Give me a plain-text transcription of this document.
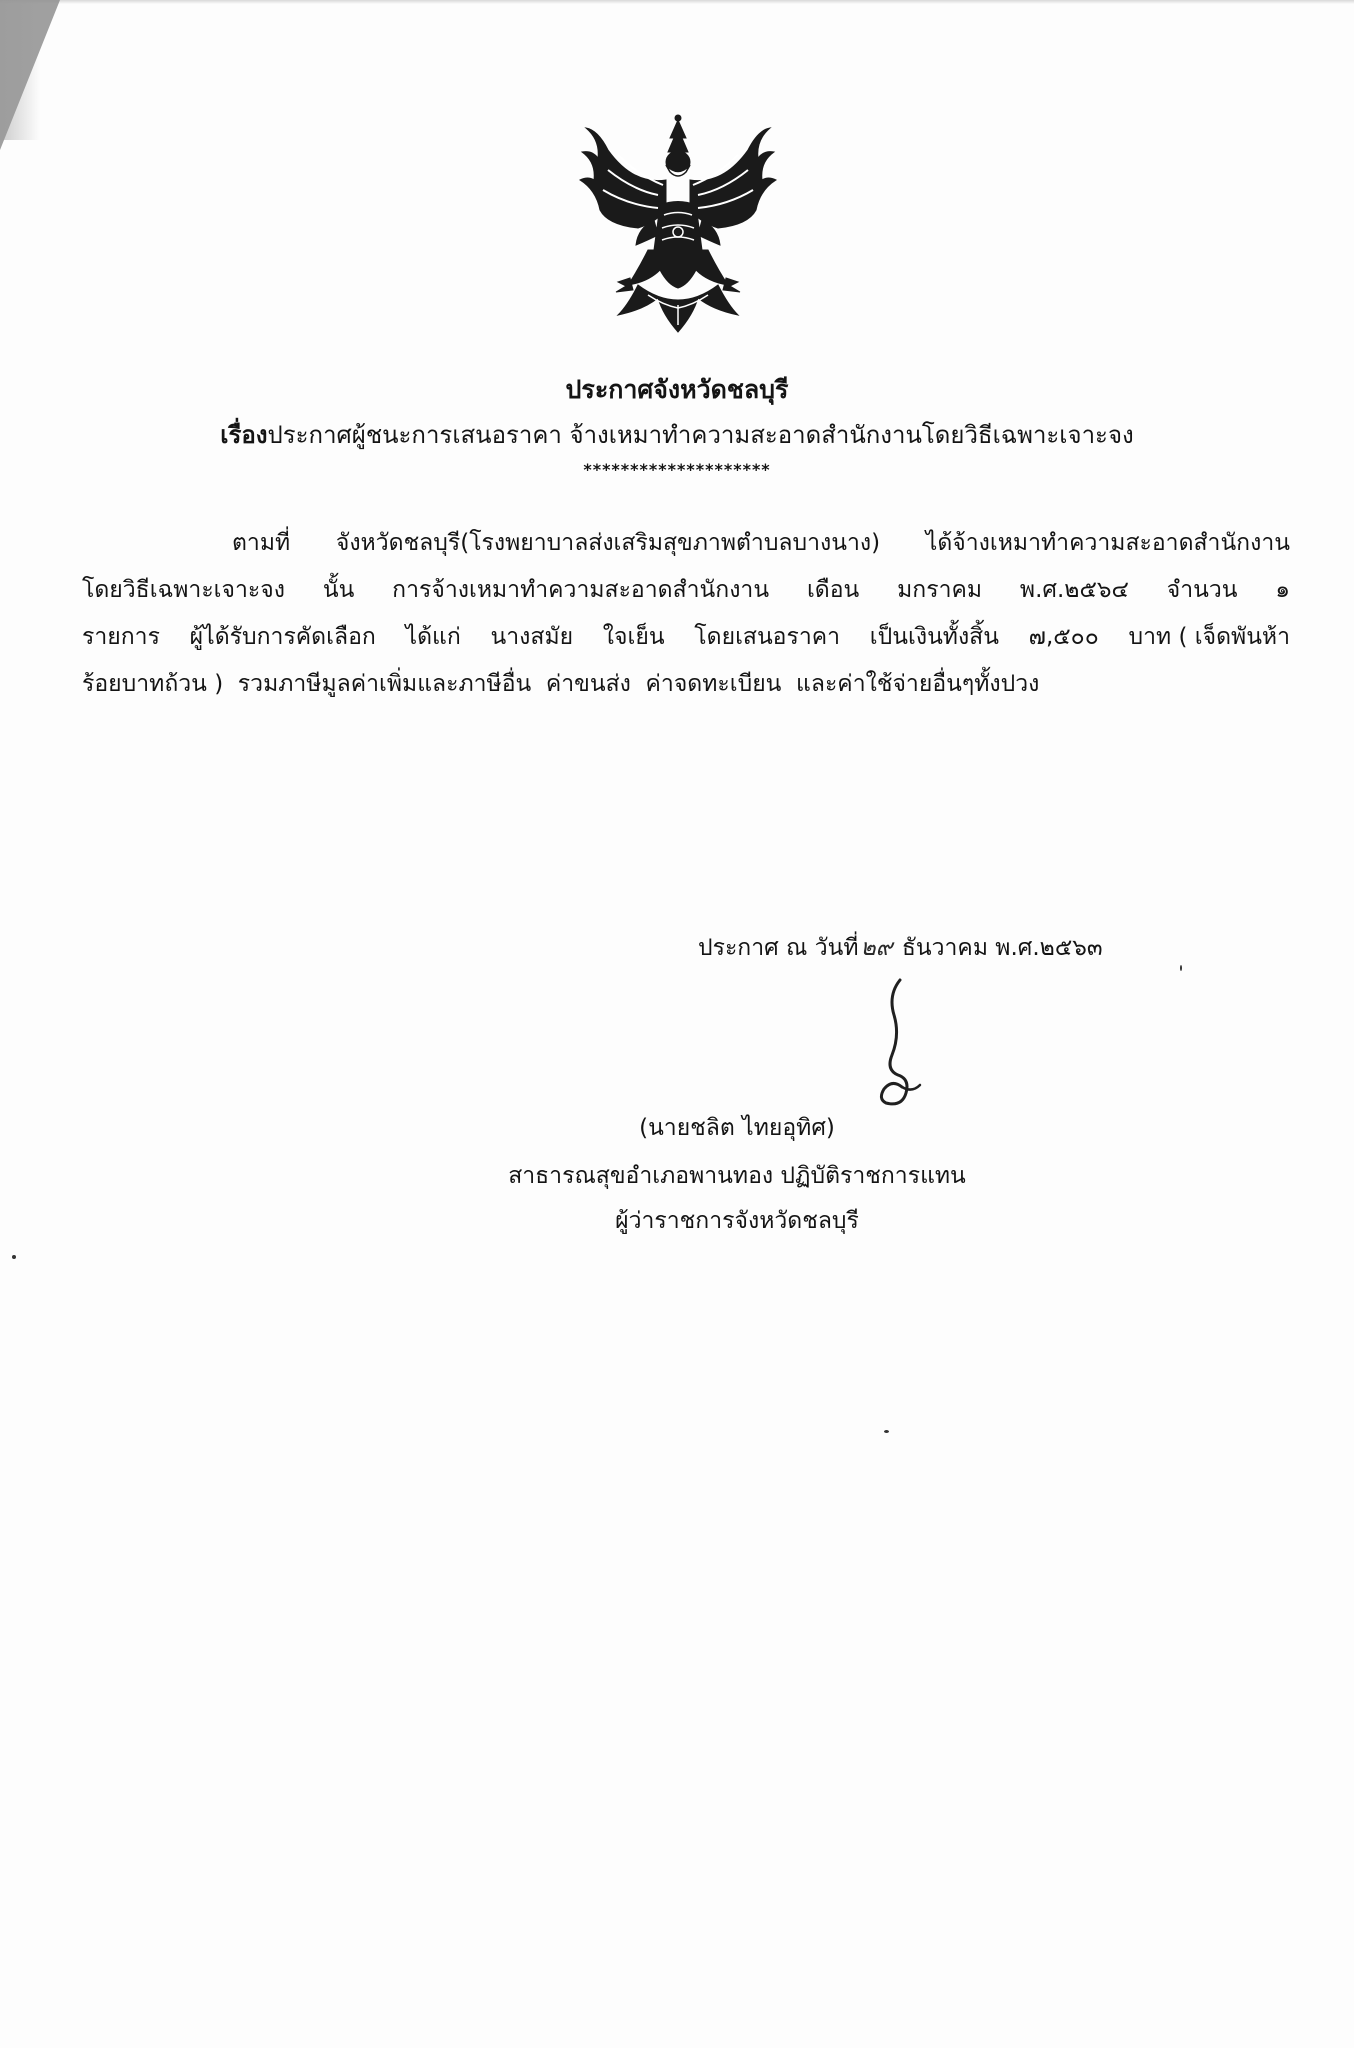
ประกาศจังหวัดชลบุรี
เรื่องประกาศผู้ชนะการเสนอราคา จ้างเหมาทำความสะอาดสำนักงานโดยวิธีเฉพาะเจาะจง
********************
ตามที่ จังหวัดชลบุรี(โรงพยาบาลส่งเสริมสุขภาพตำบลบางนาง) ได้จ้างเหมาทำความสะอาดสำนักงาน
โดยวิธีเฉพาะเจาะจง นั้น การจ้างเหมาทำความสะอาดสำนักงาน เดือน มกราคม พ.ศ.๒๕๖๔ จำนวน ๑
รายการ ผู้ได้รับการคัดเลือก ได้แก่ นางสมัย ใจเย็น โดยเสนอราคา เป็นเงินทั้งสิ้น ๗,๕๐๐ บาท ( เจ็ดพันห้า
ร้อยบาทถ้วน )
รวมภาษีมูลค่าเพิ่มและภาษีอื่น
ค่าขนส่ง
ค่าจดทะเบียน
และค่าใช้จ่ายอื่นๆทั้งปวง
ประกาศ ณ วันที่๒๙ ธันวาคม พ.ศ.๒๕๖๓
(นายชลิต ไทยอุทิศ)
สาธารณสุขอำเภอพานทอง ปฏิบัติราชการแทน
ผู้ว่าราชการจังหวัดชลบุรี
